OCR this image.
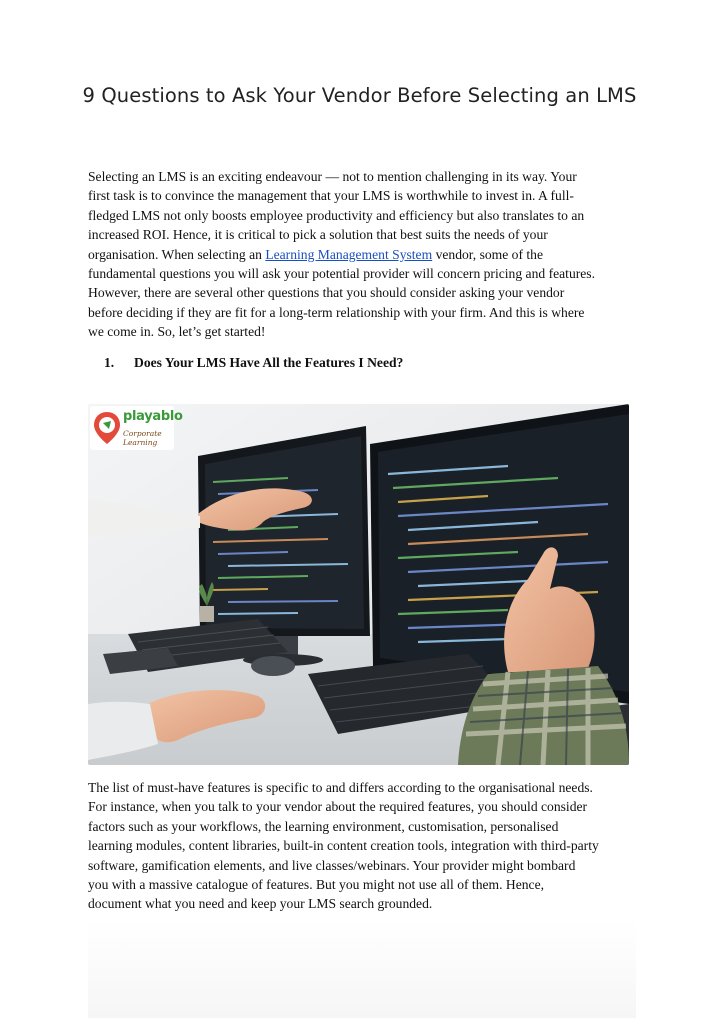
9 Questions to Ask Your Vendor Before Selecting an LMS
Selecting an LMS is an exciting endeavour — not to mention challenging in its way. Your
first task is to convince the management that your LMS is worthwhile to invest in. A full-
fledged LMS not only boosts employee productivity and efficiency but also translates to an
increased ROI. Hence, it is critical to pick a solution that best suits the needs of your
organisation. When selecting an Learning Management System vendor, some of the
fundamental questions you will ask your potential provider will concern pricing and features.
However, there are several other questions that you should consider asking your vendor
before deciding if they are fit for a long-term relationship with your firm. And this is where
we come in. So, let’s get started!
1. Does Your LMS Have All the Features I Need?
playablo
Corporate Learning
The list of must-have features is specific to and differs according to the organisational needs.
For instance, when you talk to your vendor about the required features, you should consider
factors such as your workflows, the learning environment, customisation, personalised
learning modules, content libraries, built-in content creation tools, integration with third-party
software, gamification elements, and live classes/webinars. Your provider might bombard
you with a massive catalogue of features. But you might not use all of them. Hence,
document what you need and keep your LMS search grounded.
